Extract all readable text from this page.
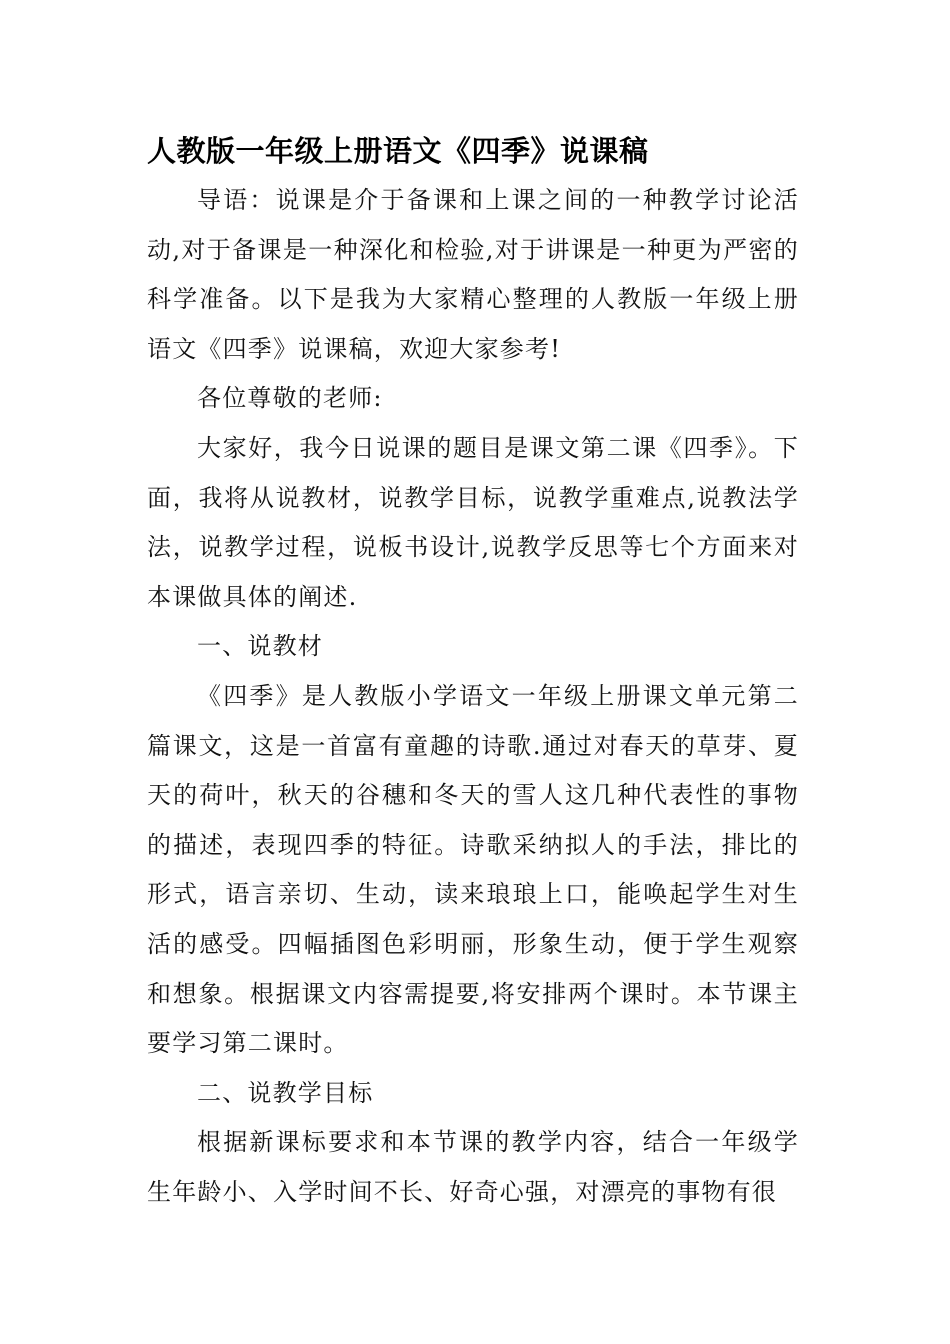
人教版一年级上册语文《四季》说课稿

导语：说课是介于备课和上课之间的一种教学讨论活动,对于备课是一种深化和检验,对于讲课是一种更为严密的科学准备。以下是我为大家精心整理的人教版一年级上册语文《四季》说课稿，欢迎大家参考!

各位尊敬的老师:

大家好，我今日说课的题目是课文第二课《四季》。下面，我将从说教材，说教学目标，说教学重难点,说教法学法，说教学过程，说板书设计,说教学反思等七个方面来对本课做具体的阐述.

一、说教材

《四季》是人教版小学语文一年级上册课文单元第二篇课文，这是一首富有童趣的诗歌.通过对春天的草芽、夏天的荷叶，秋天的谷穗和冬天的雪人这几种代表性的事物的描述，表现四季的特征。诗歌采纳拟人的手法，排比的形式，语言亲切、生动，读来琅琅上口，能唤起学生对生活的感受。四幅插图色彩明丽，形象生动，便于学生观察和想象。根据课文内容需提要,将安排两个课时。本节课主要学习第二课时。

二、说教学目标

根据新课标要求和本节课的教学内容，结合一年级学生年龄小、入学时间不长、好奇心强，对漂亮的事物有很
